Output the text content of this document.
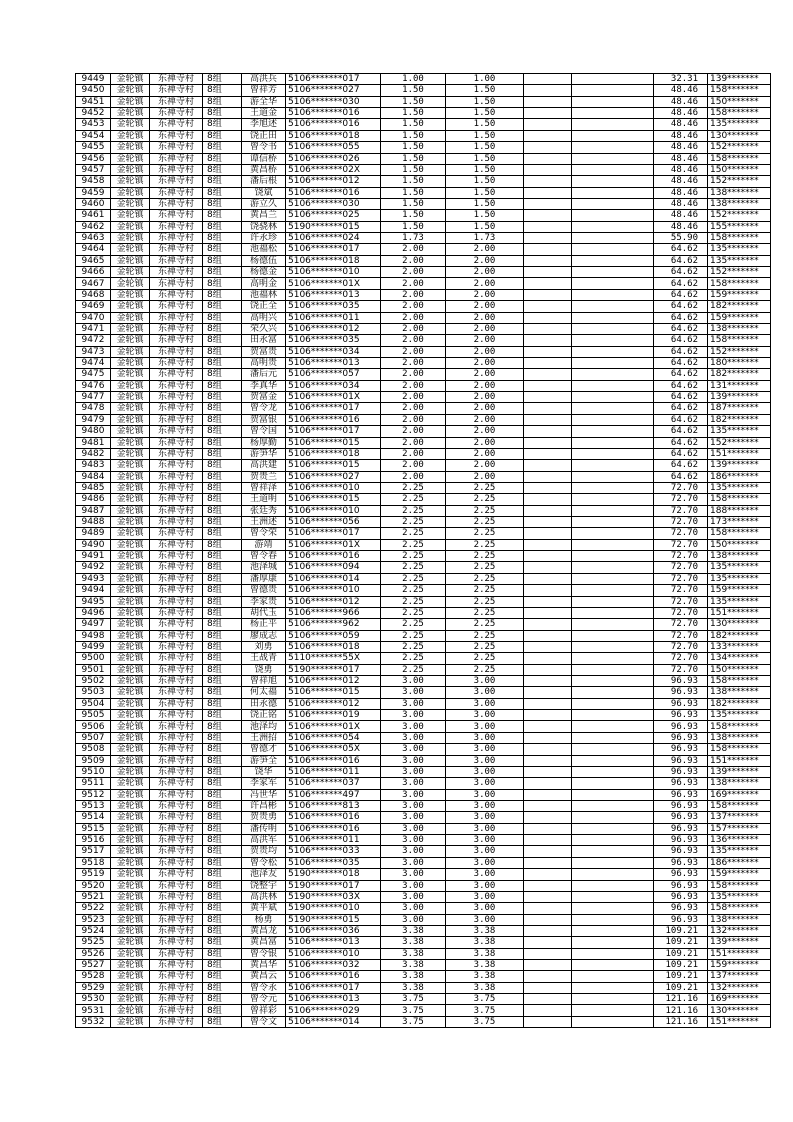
9449	金轮镇	东禅寺村	8组	高洪兵	5106*******017	1.00	1.00			32.31	139*******
9450	金轮镇	东禅寺村	8组	曾祥芳	5106*******027	1.50	1.50			48.46	158*******
9451	金轮镇	东禅寺村	8组	游全华	5106*******030	1.50	1.50			48.46	150*******
9452	金轮镇	东禅寺村	8组	王道金	5106*******016	1.50	1.50			48.46	158*******
9453	金轮镇	东禅寺村	8组	李旭述	5106*******016	1.50	1.50			48.46	135*******
9454	金轮镇	东禅寺村	8组	饶正田	5106*******018	1.50	1.50			48.46	130*******
9455	金轮镇	东禅寺村	8组	曾令书	5106*******055	1.50	1.50			48.46	152*******
9456	金轮镇	东禅寺村	8组	谭信桥	5106*******026	1.50	1.50			48.46	158*******
9457	金轮镇	东禅寺村	8组	黄昌桥	5106*******02X	1.50	1.50			48.46	150*******
9458	金轮镇	东禅寺村	8组	潘后根	5106*******012	1.50	1.50			48.46	152*******
9459	金轮镇	东禅寺村	8组	饶斌	5106*******016	1.50	1.50			48.46	138*******
9460	金轮镇	东禅寺村	8组	游立久	5106*******030	1.50	1.50			48.46	138*******
9461	金轮镇	东禅寺村	8组	黄昌兰	5106*******025	1.50	1.50			48.46	152*******
9462	金轮镇	东禅寺村	8组	饶骁林	5190*******015	1.50	1.50			48.46	155*******
9463	金轮镇	东禅寺村	8组	许永珍	5106*******024	1.73	1.73			55.90	158*******
9464	金轮镇	东禅寺村	8组	池福松	5106*******017	2.00	2.00			64.62	135*******
9465	金轮镇	东禅寺村	8组	杨德伍	5106*******018	2.00	2.00			64.62	135*******
9466	金轮镇	东禅寺村	8组	杨德金	5106*******010	2.00	2.00			64.62	152*******
9467	金轮镇	东禅寺村	8组	高明金	5106*******01X	2.00	2.00			64.62	158*******
9468	金轮镇	东禅寺村	8组	池福林	5106*******013	2.00	2.00			64.62	159*******
9469	金轮镇	东禅寺村	8组	饶正全	5106*******035	2.00	2.00			64.62	182*******
9470	金轮镇	东禅寺村	8组	高明兴	5106*******011	2.00	2.00			64.62	159*******
9471	金轮镇	东禅寺村	8组	荣久兴	5106*******012	2.00	2.00			64.62	138*******
9472	金轮镇	东禅寺村	8组	田永富	5106*******035	2.00	2.00			64.62	158*******
9473	金轮镇	东禅寺村	8组	贺富贵	5106*******034	2.00	2.00			64.62	152*******
9474	金轮镇	东禅寺村	8组	高明贵	5106*******013	2.00	2.00			64.62	180*******
9475	金轮镇	东禅寺村	8组	潘后元	5106*******057	2.00	2.00			64.62	182*******
9476	金轮镇	东禅寺村	8组	李真华	5106*******034	2.00	2.00			64.62	131*******
9477	金轮镇	东禅寺村	8组	贺富金	5106*******01X	2.00	2.00			64.62	139*******
9478	金轮镇	东禅寺村	8组	曾令龙	5106*******017	2.00	2.00			64.62	187*******
9479	金轮镇	东禅寺村	8组	贺富银	5106*******016	2.00	2.00			64.62	182*******
9480	金轮镇	东禅寺村	8组	曾令国	5106*******017	2.00	2.00			64.62	135*******
9481	金轮镇	东禅寺村	8组	杨厚勤	5106*******015	2.00	2.00			64.62	152*******
9482	金轮镇	东禅寺村	8组	游笋华	5106*******018	2.00	2.00			64.62	151*******
9483	金轮镇	东禅寺村	8组	高洪建	5106*******015	2.00	2.00			64.62	139*******
9484	金轮镇	东禅寺村	8组	贺贵兰	5106*******027	2.00	2.00			64.62	186*******
9485	金轮镇	东禅寺村	8组	曾祥泽	5106*******010	2.25	2.25			72.70	135*******
9486	金轮镇	东禅寺村	8组	王道明	5106*******015	2.25	2.25			72.70	158*******
9487	金轮镇	东禅寺村	8组	张廷秀	5106*******010	2.25	2.25			72.70	188*******
9488	金轮镇	东禅寺村	8组	王洲述	5106*******056	2.25	2.25			72.70	173*******
9489	金轮镇	东禅寺村	8组	曾令荣	5106*******017	2.25	2.25			72.70	158*******
9490	金轮镇	东禅寺村	8组	游靖	5106*******01X	2.25	2.25			72.70	150*******
9491	金轮镇	东禅寺村	8组	曾令春	5106*******016	2.25	2.25			72.70	138*******
9492	金轮镇	东禅寺村	8组	池泽城	5106*******094	2.25	2.25			72.70	135*******
9493	金轮镇	东禅寺村	8组	潘厚康	5106*******014	2.25	2.25			72.70	135*******
9494	金轮镇	东禅寺村	8组	曾德贵	5106*******010	2.25	2.25			72.70	159*******
9495	金轮镇	东禅寺村	8组	李家贵	5106*******012	2.25	2.25			72.70	135*******
9496	金轮镇	东禅寺村	8组	胡代玉	5106*******966	2.25	2.25			72.70	151*******
9497	金轮镇	东禅寺村	8组	杨正平	5106*******962	2.25	2.25			72.70	130*******
9498	金轮镇	东禅寺村	8组	廖成志	5106*******059	2.25	2.25			72.70	182*******
9499	金轮镇	东禅寺村	8组	刘勇	5106*******018	2.25	2.25			72.70	133*******
9500	金轮镇	东禅寺村	8组	王战青	5110*******55X	2.25	2.25			72.70	134*******
9501	金轮镇	东禅寺村	8组	饶勇	5190*******017	2.25	2.25			72.70	150*******
9502	金轮镇	东禅寺村	8组	曾祥旭	5106*******012	3.00	3.00			96.93	158*******
9503	金轮镇	东禅寺村	8组	何太福	5106*******015	3.00	3.00			96.93	138*******
9504	金轮镇	东禅寺村	8组	田永德	5106*******012	3.00	3.00			96.93	182*******
9505	金轮镇	东禅寺村	8组	饶正铭	5106*******019	3.00	3.00			96.93	135*******
9506	金轮镇	东禅寺村	8组	池泽均	5106*******01X	3.00	3.00			96.93	158*******
9507	金轮镇	东禅寺村	8组	王洲招	5106*******054	3.00	3.00			96.93	138*******
9508	金轮镇	东禅寺村	8组	曾德才	5106*******05X	3.00	3.00			96.93	158*******
9509	金轮镇	东禅寺村	8组	游笋全	5106*******016	3.00	3.00			96.93	151*******
9510	金轮镇	东禅寺村	8组	饶华	5106*******011	3.00	3.00			96.93	139*******
9511	金轮镇	东禅寺村	8组	李家军	5106*******037	3.00	3.00			96.93	138*******
9512	金轮镇	东禅寺村	8组	冯世华	5106*******497	3.00	3.00			96.93	169*******
9513	金轮镇	东禅寺村	8组	许昌彬	5106*******813	3.00	3.00			96.93	158*******
9514	金轮镇	东禅寺村	8组	贺贵勇	5106*******016	3.00	3.00			96.93	137*******
9515	金轮镇	东禅寺村	8组	潘传明	5106*******016	3.00	3.00			96.93	157*******
9516	金轮镇	东禅寺村	8组	高洪军	5106*******011	3.00	3.00			96.93	136*******
9517	金轮镇	东禅寺村	8组	贺贵均	5106*******033	3.00	3.00			96.93	135*******
9518	金轮镇	东禅寺村	8组	曾令松	5106*******035	3.00	3.00			96.93	186*******
9519	金轮镇	东禅寺村	8组	池泽友	5190*******018	3.00	3.00			96.93	159*******
9520	金轮镇	东禅寺村	8组	饶整宇	5190*******017	3.00	3.00			96.93	158*******
9521	金轮镇	东禅寺村	8组	高洪林	5190*******03X	3.00	3.00			96.93	135*******
9522	金轮镇	东禅寺村	8组	黄平斌	5190*******010	3.00	3.00			96.93	158*******
9523	金轮镇	东禅寺村	8组	杨勇	5190*******015	3.00	3.00			96.93	138*******
9524	金轮镇	东禅寺村	8组	黄昌龙	5106*******036	3.38	3.38			109.21	132*******
9525	金轮镇	东禅寺村	8组	黄昌富	5106*******013	3.38	3.38			109.21	139*******
9526	金轮镇	东禅寺村	8组	曾令银	5106*******010	3.38	3.38			109.21	151*******
9527	金轮镇	东禅寺村	8组	黄昌华	5106*******032	3.38	3.38			109.21	159*******
9528	金轮镇	东禅寺村	8组	黄昌云	5106*******016	3.38	3.38			109.21	137*******
9529	金轮镇	东禅寺村	8组	曾令永	5106*******017	3.38	3.38			109.21	132*******
9530	金轮镇	东禅寺村	8组	曾令元	5106*******013	3.75	3.75			121.16	169*******
9531	金轮镇	东禅寺村	8组	曾祥彩	5106*******029	3.75	3.75			121.16	130*******
9532	金轮镇	东禅寺村	8组	曾令文	5106*******014	3.75	3.75			121.16	151*******
